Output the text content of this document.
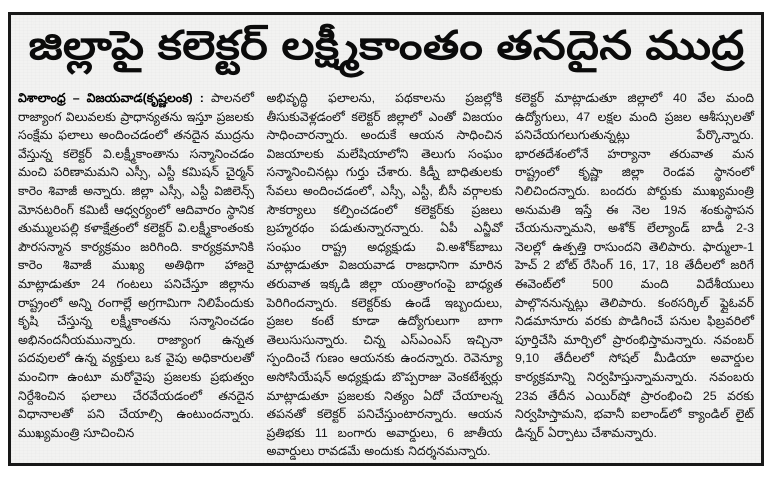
జిల్లాపై కలెక్టర్ లక్ష్మీకాంతం తనదైన ముద్ర

విశాలాంధ్ర – విజయవాడ(కృష్ణలంక) : పాలనలో రాజ్యాంగ విలువలకు ప్రాధాన్యతను ఇస్తూ ప్రజలకు సంక్షేమ ఫలాలు అందించడంలో తనదైన ముద్రను వేస్తున్న కలెక్టర్ వి.లక్ష్మీకాంతాను సన్మానించడం మంచి పరిణామమని ఎస్సీ, ఎస్టీ కమిషన్ చైర్మన్ కారెం శివాజీ అన్నారు. జిల్లా ఎస్సీ, ఎస్టీ విజిలెన్స్ మోనటరింగ్ కమిటీ ఆధ్వర్యంలో ఆదివారం స్థానిక తుమ్ములపల్లి కళాక్షేత్రంలో కలెక్టర్ వి.లక్ష్మీకాంతంకు పౌరసన్మాన కార్యక్రమం జరిగింది. కార్యక్రమానికి కారెం శివాజీ ముఖ్య అతిథిగా హాజరై మాట్లాడుతూ 24 గంటలు పనిచేస్తూ జిల్లాను రాష్ట్రంలో అన్ని రంగాల్లే అగ్రగామిగా నిలిపేందుకు కృషి చేస్తున్న లక్ష్మీకాంతను సన్మానించడం అభినందనీయమున్నారు. రాజ్యాంగ ఉన్నత పదవులలో ఉన్న వ్యక్తులు ఒక వైపు అధికారులతో మంచిగా ఉంటూ మరోవైపు ప్రజలకు ప్రభుత్వం నిర్దేశించిన ఫలాలు చేరవేయడంలో తనదైన విధానాలతో పని చేయాల్సి ఉంటుందన్నారు. ముఖ్యమంత్రి సూచించిన

అభివృద్ధి ఫలాలను, పథకాలను ప్రజల్లోకి తీసుకువెళ్లడంలో కలెక్టర్ జిల్లాలో ఎంతో విజయం సాధించారన్నారు. అందుకే ఆయన సాధించిన విజయాలకు మలేషియాలోని తెలుగు సంఘం సన్మానించినట్లు గుర్తు చేశారు. కిడ్నీ బాధితులకు సేవలు అందించడంలో, ఎస్సీ, ఎస్టీ, బీసీ వర్గాలకు సౌకర్యాలు కల్పించడంలో కలెక్టర్‌కు ప్రజలు బ్రహ్మరథం పడుతున్నారన్నారు. ఏపీ ఎన్జీవో సంఘం రాష్ట్ర అధ్యక్షుడు వి.అశోక్‌బాబు మాట్లాడుతూ విజయవాడ రాజధానిగా మారిన తరువాత ఇక్కడి జిల్లా యంత్రాంగంపై బాధ్యత పెరిగిందన్నారు. కలెక్టర్‌కు ఉండే ఇబ్బందులు, ప్రజల కంటే కూడా ఉద్యోగులుగా బాగా తెలుసుసున్నారు. చిన్న ఎస్‌ఎంఎస్ ఇచ్చినా స్పందించే గుణం ఆయనకు ఉందన్నారు. రెవెన్యూ అసోసియేషన్ అధ్యక్షుడు బొప్పరాజు వెంకటేశ్వర్లు మాట్లాడుతూ ప్రజలకు నిత్యం ఏదో చేయాలన్న తపనతో కలెక్టర్ పనిచేస్తుంటారన్నారు. ఆయన ప్రతిభకు 11 బంగారు అవార్డులు, 6 జాతీయ అవార్డులు రావడమే అందుకు నిదర్శనమన్నారు.

కలెక్టర్ మాట్లాడుతూ జిల్లాలో 40 వేల మంది ఉద్యోగులు, 47 లక్షల మంది ప్రజల ఆశీస్సులతో పనిచేయగలుగుతున్నట్లు పేర్కొన్నారు. భారతదేశంలోనే హర్యానా తరువాత మన రాష్ట్రంలో కృష్ణా జిల్లా రెండవ స్థానంలో నిలిచిందన్నారు. బందరు పోర్టుకు ముఖ్యమంత్రి అనుమతి ఇస్తే ఈ నెల 19న శంకుస్థాపన చేయనున్నామని, అశోక్ లేల్యాండ్ బాడీ 2-3 నెలల్లో ఉత్పత్తి రాసుందని తెలిపారు. ఫార్ములా-1 హెచ్ 2 బోట్ రేసింగ్ 16, 17, 18 తేదీలలో జరిగే ఈవెంట్‌లో 500 మంది విదేశీయులు పాల్గొననున్నట్లు తెలిపారు. కంఠసర్కిల్ ఫ్లైఓవర్ నిడమానూరు వరకు పొడిగించే పనుల ఫిబ్రవరిలో పూర్తిచేసి మార్చిలో ప్రారంభిస్తామన్నారు. నవంబర్ 9,10 తేదీలలో సోషల్ మీడియా అవార్డుల కార్యక్రమాన్ని నిర్వహిస్తున్నామన్నారు. నవంబరు 23వ తేదీన ఎయిర్‌షో ప్రారంభించి 25 వరకు నిర్వహిస్తామని, భవానీ ఐలాండ్‌లో క్యాండిల్ లైట్ డిన్నర్ ఏర్పాటు చేశామన్నారు.
